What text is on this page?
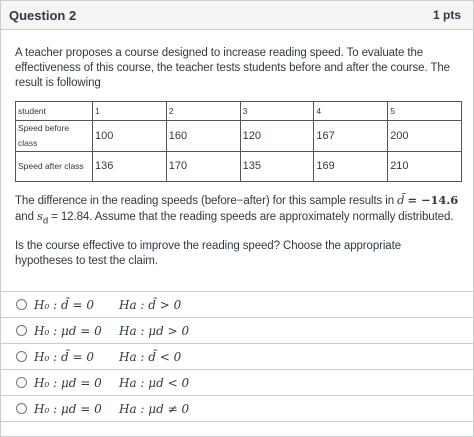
Question 2	1 pts

A teacher proposes a course designed to increase reading speed. To evaluate the effectiveness of this course, the teacher tests students before and after the course. The result is following

student	1	2	3	4	5
Speed before class	100	160	120	167	200
Speed after class	136	170	135	169	210

The difference in the reading speeds (before−after) for this sample results in d̄ = −14.6 and $s_d = 12.84$. Assume that the reading speeds are approximately normally distributed.

Is the course effective to improve the reading speed? Choose the appropriate hypotheses to test the claim.

H₀ : d̄ = 0	Ha : d̄ > 0
H₀ : μd = 0	Ha : μd > 0
H₀ : d̄ = 0	Ha : d̄ < 0
H₀ : μd = 0	Ha : μd < 0
H₀ : μd = 0	Ha : μd ≠ 0
